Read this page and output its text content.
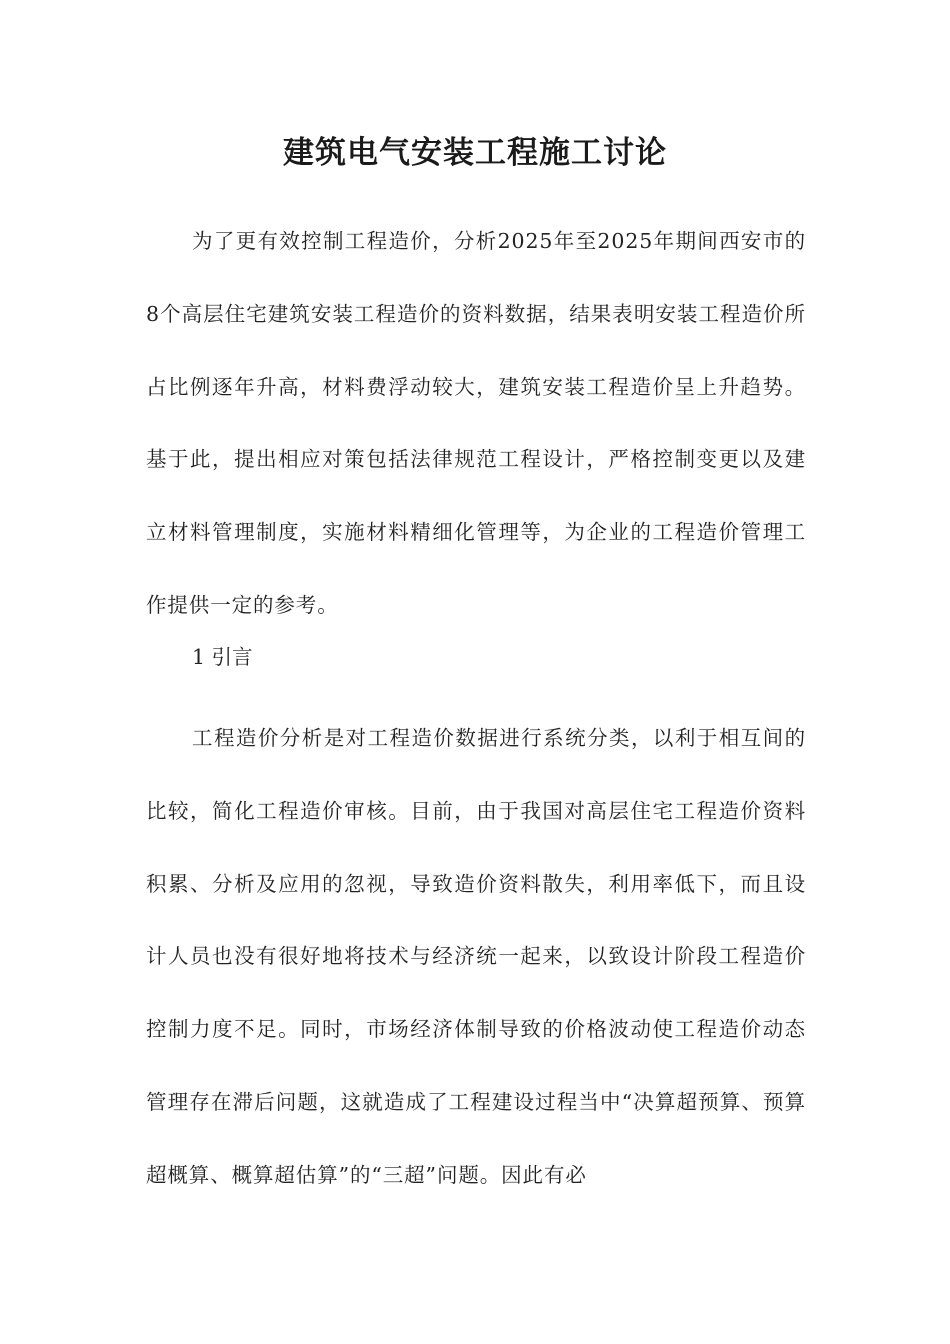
建筑电气安装工程施工讨论

为了更有效控制工程造价，分析2025年至2025年期间西安市的8个高层住宅建筑安装工程造价的资料数据，结果表明安装工程造价所占比例逐年升高，材料费浮动较大，建筑安装工程造价呈上升趋势。基于此，提出相应对策包括法律规范工程设计，严格控制变更以及建立材料管理制度，实施材料精细化管理等，为企业的工程造价管理工作提供一定的参考。

1 引言

工程造价分析是对工程造价数据进行系统分类，以利于相互间的比较，简化工程造价审核。目前，由于我国对高层住宅工程造价资料积累、分析及应用的忽视，导致造价资料散失，利用率低下，而且设计人员也没有很好地将技术与经济统一起来，以致设计阶段工程造价控制力度不足。同时，市场经济体制导致的价格波动使工程造价动态管理存在滞后问题，这就造成了工程建设过程当中“决算超预算、预算超概算、概算超估算”的“三超”问题。因此有必
